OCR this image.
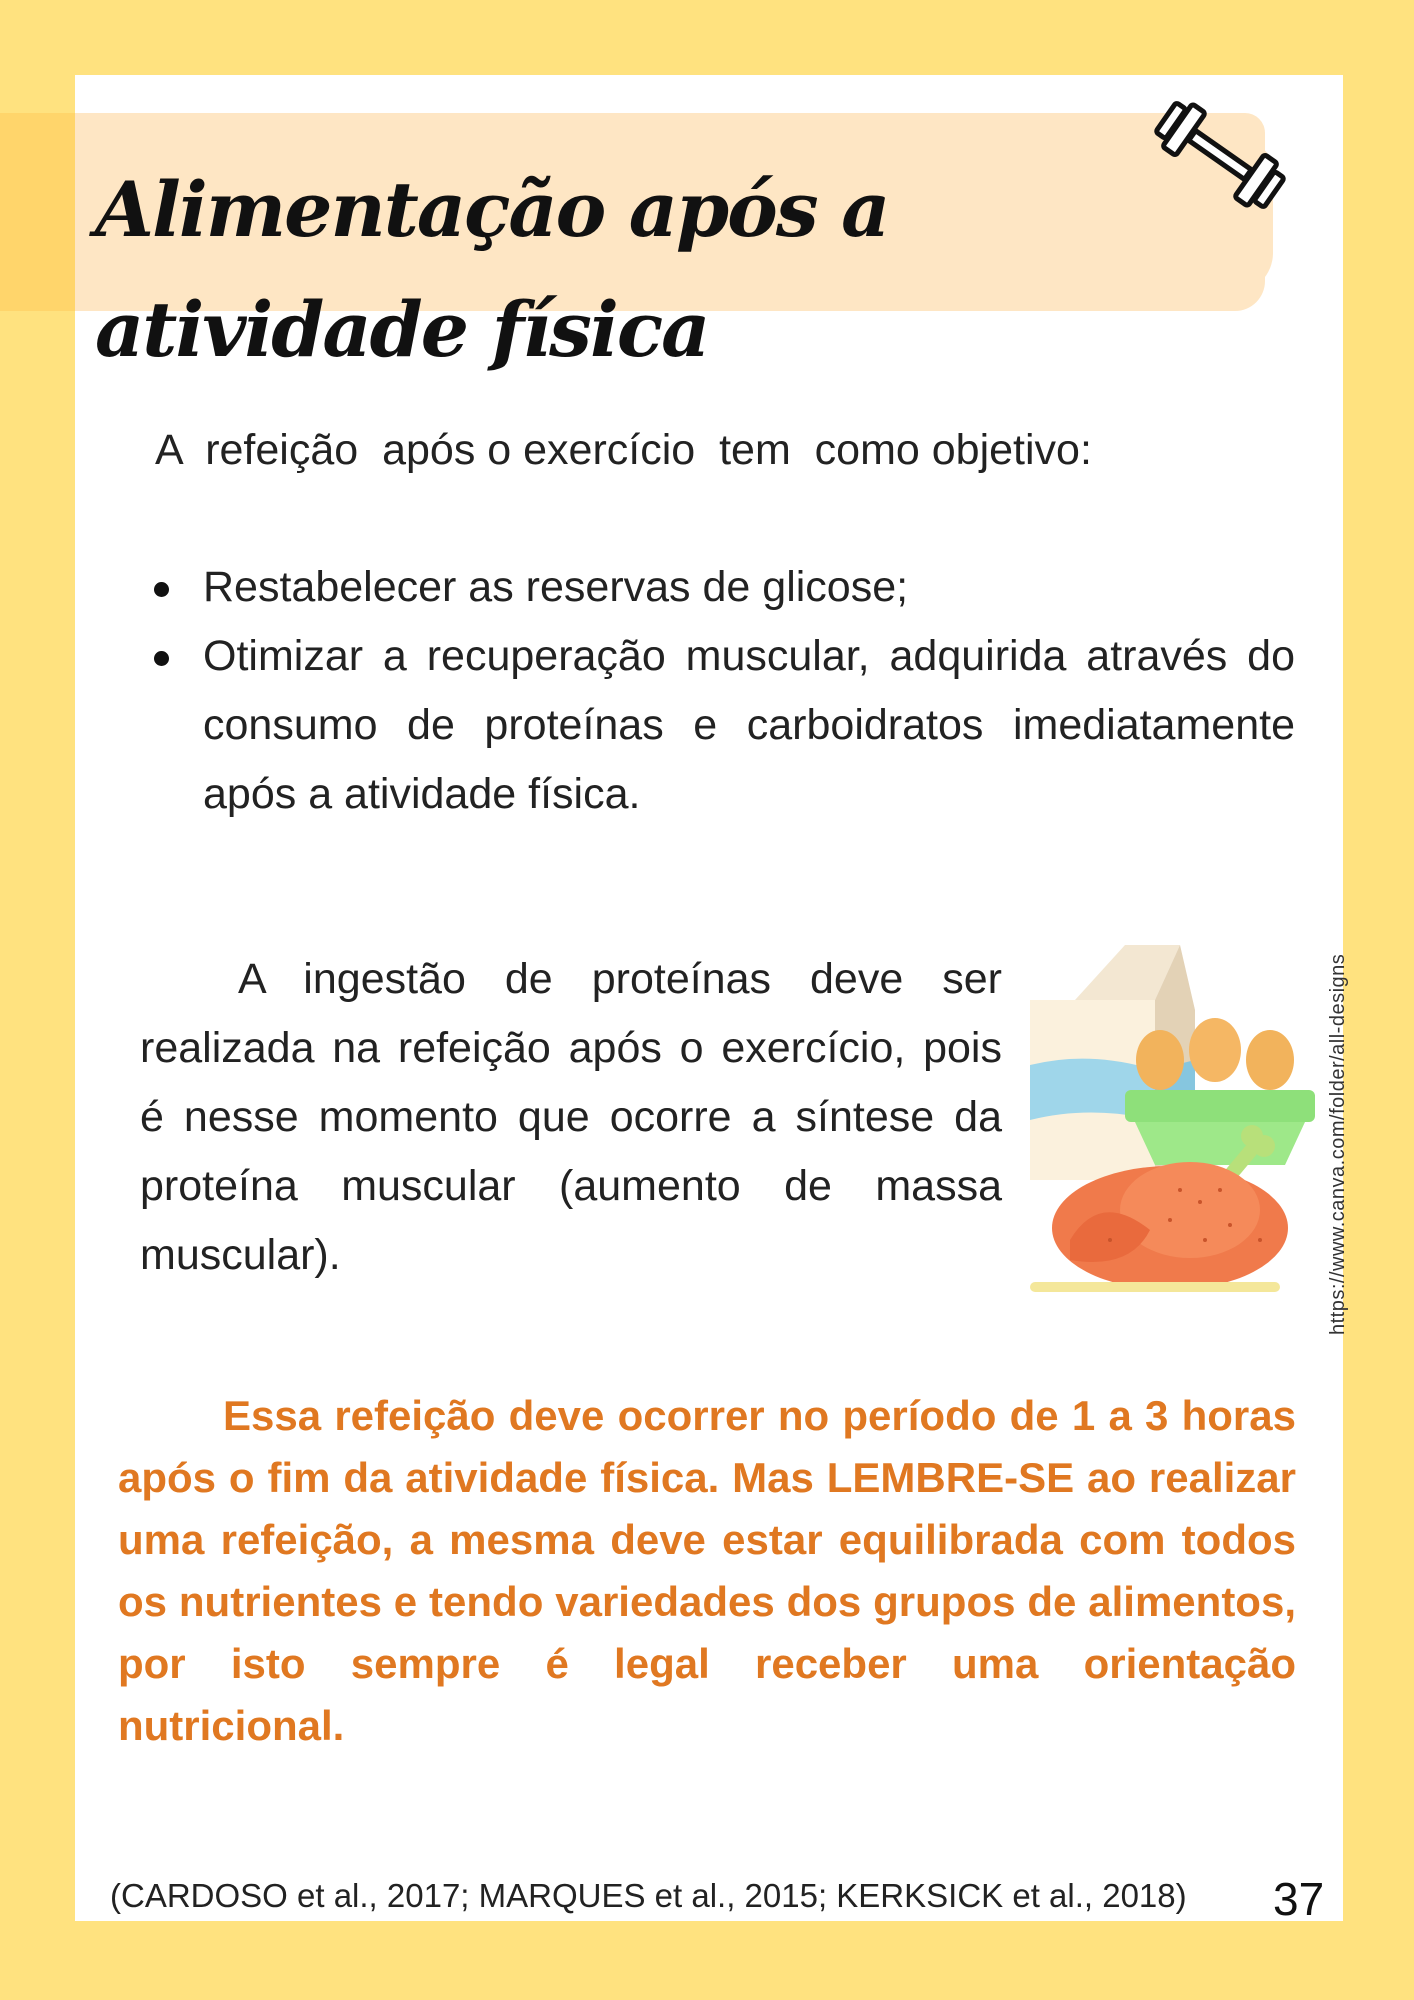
Alimentação após a atividade física
A  refeição  após o exercício  tem  como objetivo:
Restabelecer as reservas de glicose;
Otimizar a recuperação muscular, adquirida através do consumo de proteínas e carboidratos imediatamente após a atividade física.

A ingestão de proteínas deve ser realizada na refeição após o exercício, pois é nesse momento que ocorre a síntese da proteína muscular (aumento de massa muscular).	https://www.canva.com/folder/all-designs

Essa refeição deve ocorrer no período de 1 a 3 horas após o fim da atividade física. Mas LEMBRE-SE ao realizar uma refeição, a mesma deve estar equilibrada com todos os nutrientes e tendo variedades dos grupos de alimentos, por isto sempre é legal receber uma orientação nutricional.

(CARDOSO et al., 2017; MARQUES et al., 2015; KERKSICK et al., 2018) 37
